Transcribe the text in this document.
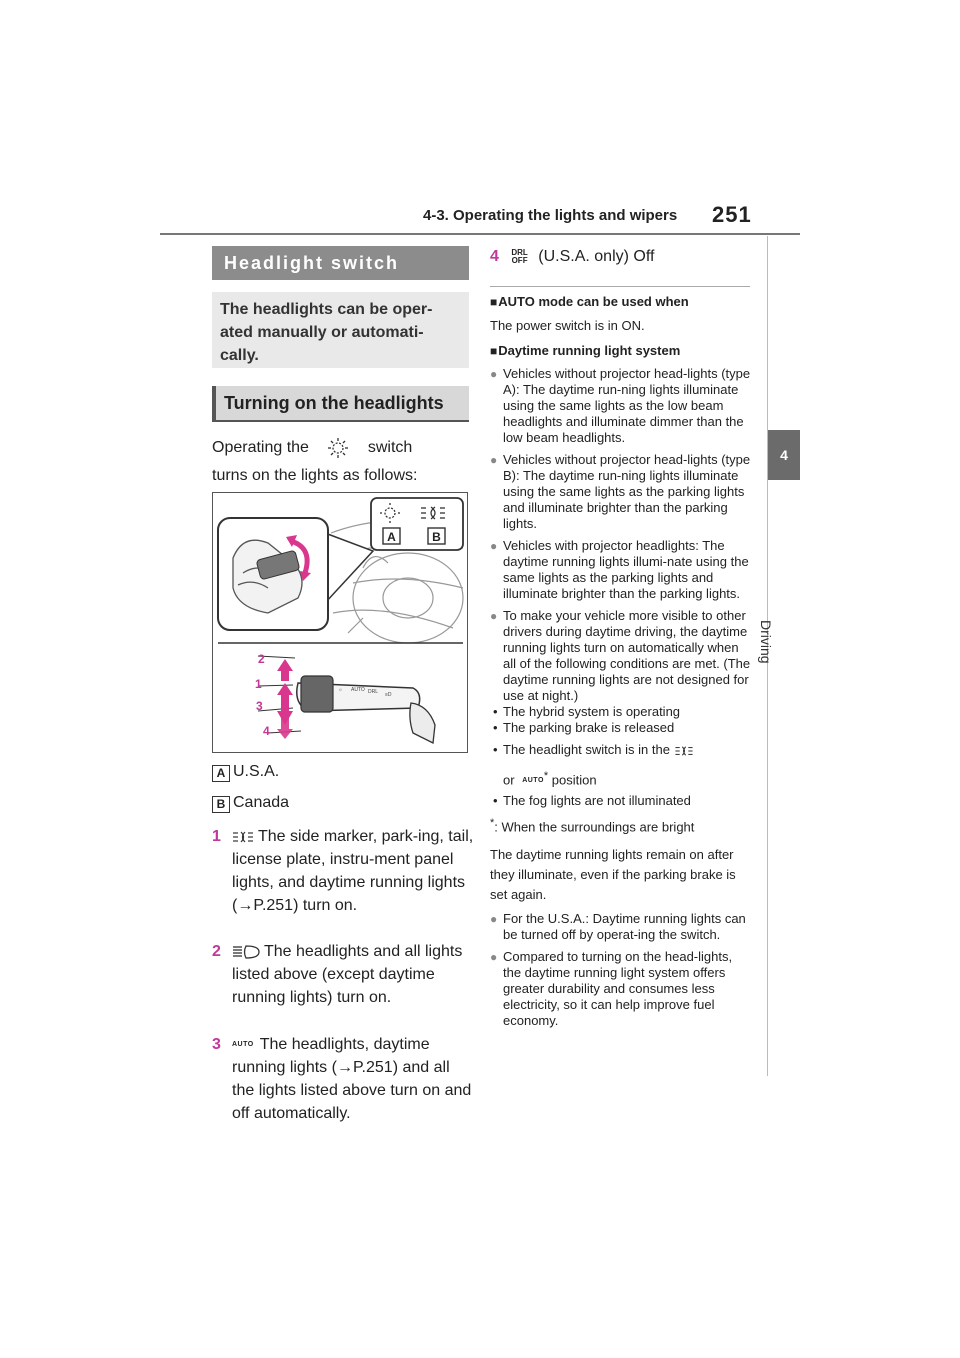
4-3. Operating the lights and wipers 251
4
Driving
Headlight switch
The headlights can be oper-ated manually or automati-cally.
Turning on the headlights
Operating the	switch
turns on the lights as follows:
A	B
☼ AUTO DRL ≡D
2
1
3
4
A U.S.A.
B Canada
1	The side marker, park-ing, tail, license plate, instru-ment panel lights, and daytime running lights (→P.251) turn on.
2	The headlights and all lights listed above (except daytime running lights) turn on.
3	AUTO The headlights, daytime running lights (→P.251) and all the lights listed above turn on and off automatically.
4 DRL
OFF (U.S.A. only) Off
■ AUTO mode can be used when
The power switch is in ON.
■ Daytime running light system
● Vehicles without projector head-lights (type A): The daytime run-ning lights illuminate using the same lights as the low beam headlights and illuminate dimmer than the low beam headlights.
● Vehicles without projector head-lights (type B): The daytime run-ning lights illuminate using the same lights as the parking lights and illuminate brighter than the parking lights.
● Vehicles with projector headlights: The daytime running lights illumi-nate using the same lights as the parking lights and illuminate brighter than the parking lights.
● To make your vehicle more visible to other drivers during daytime driving, the daytime running lights turn on automatically when all of the following conditions are met. (The daytime running lights are not designed for use at night.)
• The hybrid system is operating
• The parking brake is released
• The headlight switch is in the
or AUTO* position
• The fog lights are not illuminated
*: When the surroundings are bright
The daytime running lights remain on after they illuminate, even if the parking brake is set again.
● For the U.S.A.: Daytime running lights can be turned off by operat-ing the switch.
● Compared to turning on the head-lights, the daytime running light system offers greater durability and consumes less electricity, so it can help improve fuel economy.
